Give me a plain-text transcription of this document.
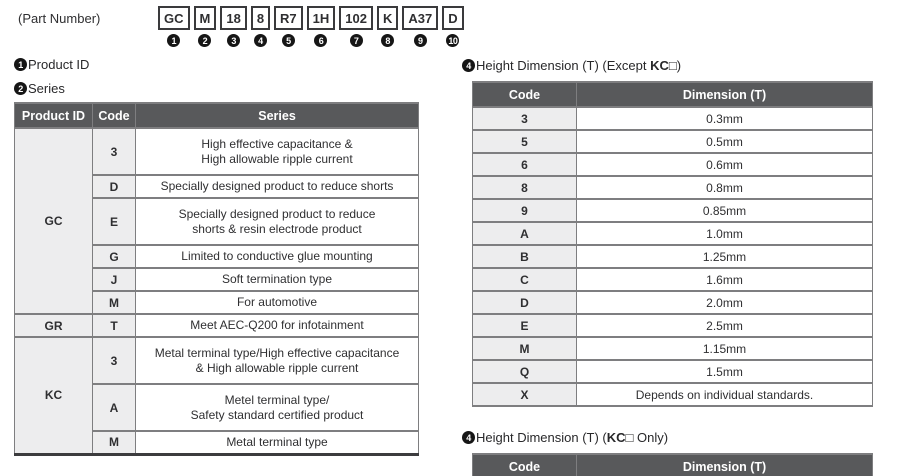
(Part Number)	GC
1
M
2
18
3
8
4
R7
5
1H
6
102
7
K
8
A37
9
D
10
1 Product ID
2 Series
Product ID	Code	Series
GC	3	High effective capacitance &
High allowable ripple current

	D	Specially designed product to reduce shorts

	E	Specially designed product to reduce
shorts & resin electrode product

	G	Limited to conductive glue mounting

	J	Soft termination type

	M	For automotive

GR	T	Meet AEC-Q200 for infotainment

KC	3	Metal terminal type/High effective capacitance
& High allowable ripple current

	A	Metel terminal type/
Safety standard certified product

	M	Metal terminal type
4 Height Dimension (T) (Except KC□ )
Code	Dimension (T)
3	0.3mm
5	0.5mm
6	0.6mm
8	0.8mm
9	0.85mm
A	1.0mm
B	1.25mm
C	1.6mm
D	2.0mm
E	2.5mm
M	1.15mm
Q	1.5mm
X	Depends on individual standards.
4 Height Dimension (T) ( KC□ Only)
Code	Dimension (T)
